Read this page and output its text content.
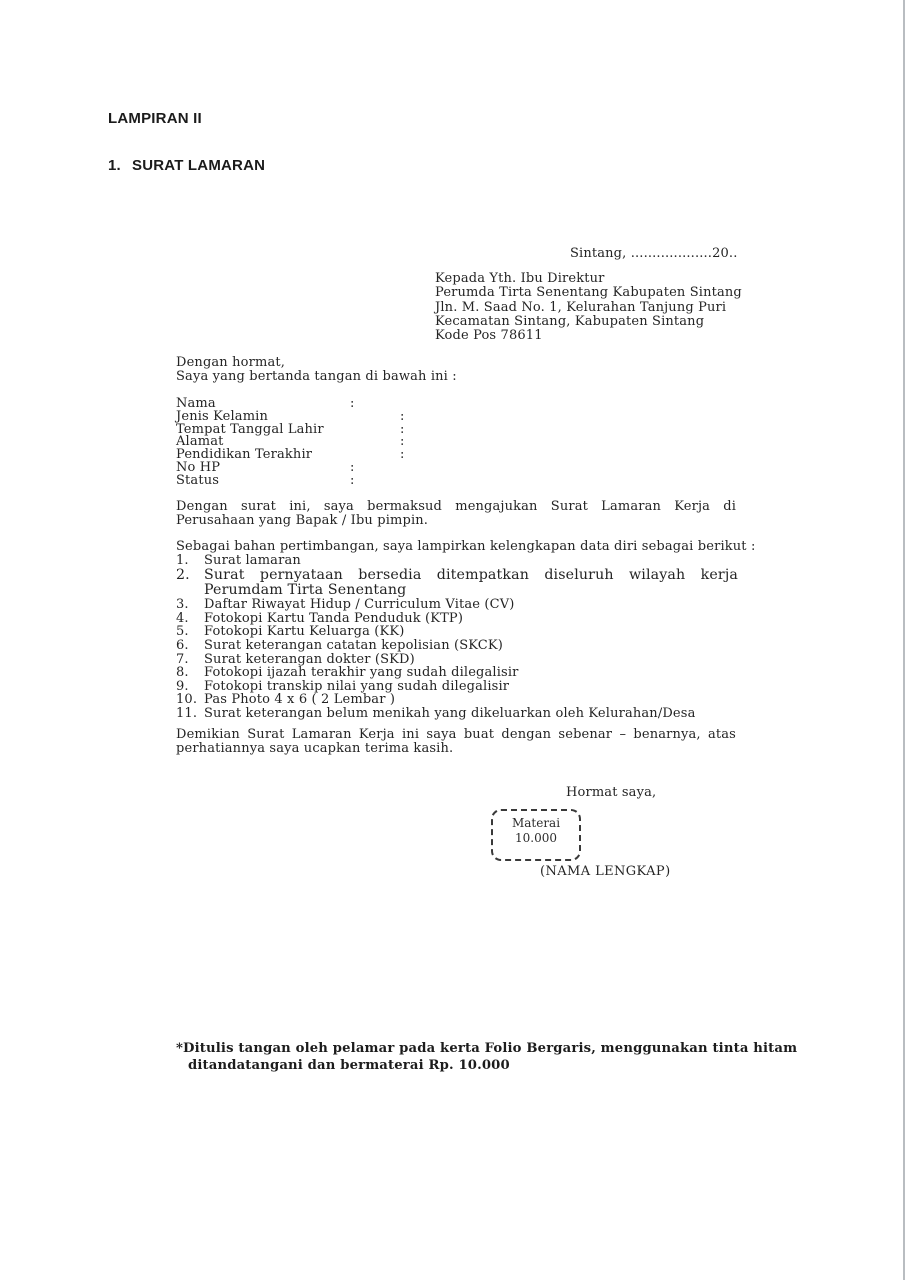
LAMPIRAN II
1. SURAT LAMARAN
Sintang, ...................20..
Kepada Yth. Ibu Direktur
Perumda Tirta Senentang Kabupaten Sintang
Jln. M. Saad No. 1, Kelurahan Tanjung Puri
Kecamatan Sintang, Kabupaten Sintang
Kode Pos 78611
Dengan hormat,
Saya yang bertanda tangan di bawah ini :
Nama	:
Jenis Kelamin	:
Tempat Tanggal Lahir	:
Alamat	:
Pendidikan Terakhir	:
No HP	:
Status	:
Dengan surat ini, saya bermaksud mengajukan Surat Lamaran Kerja di Perusahaan yang Bapak / Ibu pimpin.
Sebagai bahan pertimbangan, saya lampirkan kelengkapan data diri sebagai berikut :
1. Surat lamaran
2. Surat pernyataan bersedia ditempatkan diseluruh wilayah kerja Perumdam Tirta Senentang
3. Daftar Riwayat Hidup / Curriculum Vitae (CV)
4. Fotokopi Kartu Tanda Penduduk (KTP)
5. Fotokopi Kartu Keluarga (KK)
6. Surat keterangan catatan kepolisian (SKCK)
7. Surat keterangan dokter (SKD)
8. Fotokopi ijazah terakhir yang sudah dilegalisir
9. Fotokopi transkip nilai yang sudah dilegalisir
10. Pas Photo 4 x 6 ( 2 Lembar )
11. Surat keterangan belum menikah yang dikeluarkan oleh Kelurahan/Desa
Demikian Surat Lamaran Kerja ini saya buat dengan sebenar – benarnya, atas perhatiannya saya ucapkan terima kasih.
Hormat saya,
Materai
10.000
(NAMA LENGKAP)
*Ditulis tangan oleh pelamar pada kerta Folio Bergaris, menggunakan tinta hitam
ditandatangani dan bermaterai Rp. 10.000
